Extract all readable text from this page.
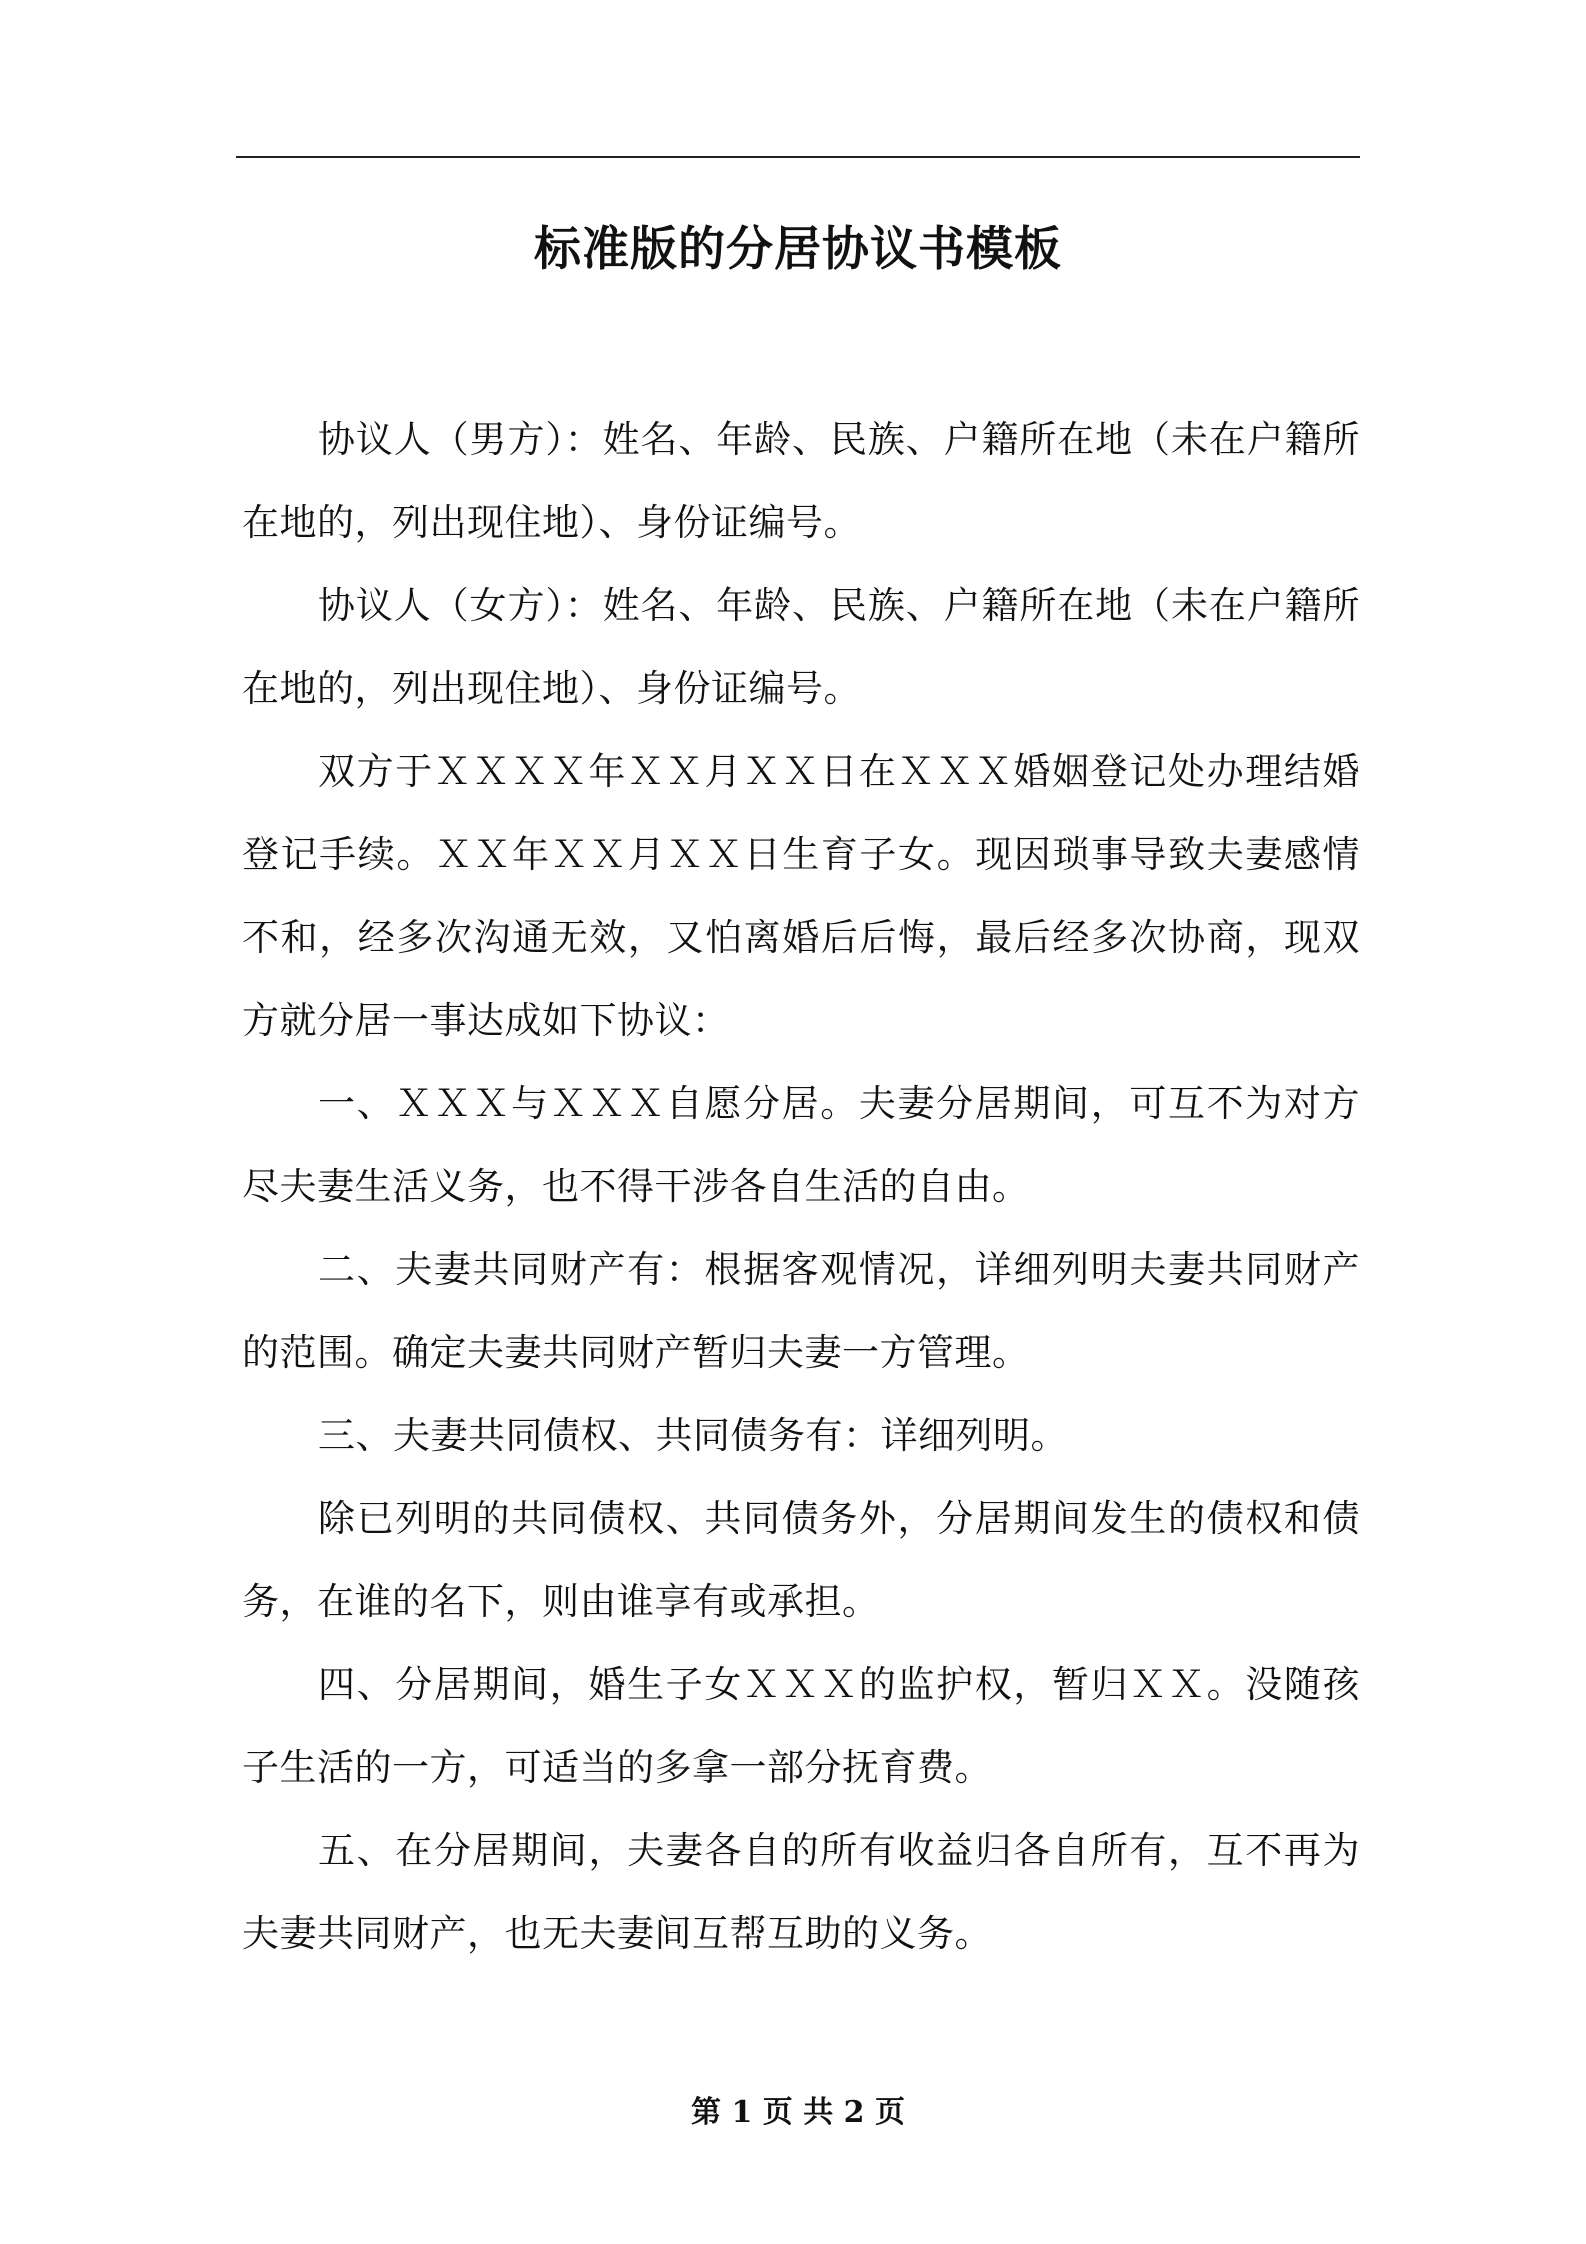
标准版的分居协议书模板

协议人（男方）：姓名、年龄、民族、户籍所在地（未在户籍所在地的，列出现住地）、身份证编号。

协议人（女方）：姓名、年龄、民族、户籍所在地（未在户籍所在地的，列出现住地）、身份证编号。

双方于ＸＸＸＸ年ＸＸ月ＸＸ日在ＸＸＸ婚姻登记处办理结婚登记手续。ＸＸ年ＸＸ月ＸＸ日生育子女。现因琐事导致夫妻感情不和，经多次沟通无效，又怕离婚后后悔，最后经多次协商，现双方就分居一事达成如下协议：

一、ＸＸＸ与ＸＸＸ自愿分居。夫妻分居期间，可互不为对方尽夫妻生活义务，也不得干涉各自生活的自由。

二、夫妻共同财产有：根据客观情况，详细列明夫妻共同财产的范围。确定夫妻共同财产暂归夫妻一方管理。

三、夫妻共同债权、共同债务有：详细列明。

除已列明的共同债权、共同债务外，分居期间发生的债权和债务，在谁的名下，则由谁享有或承担。

四、分居期间，婚生子女ＸＸＸ的监护权，暂归ＸＸ。没随孩子生活的一方，可适当的多拿一部分抚育费。

五、在分居期间，夫妻各自的所有收益归各自所有，互不再为夫妻共同财产，也无夫妻间互帮互助的义务。

第 1 页 共 2 页
